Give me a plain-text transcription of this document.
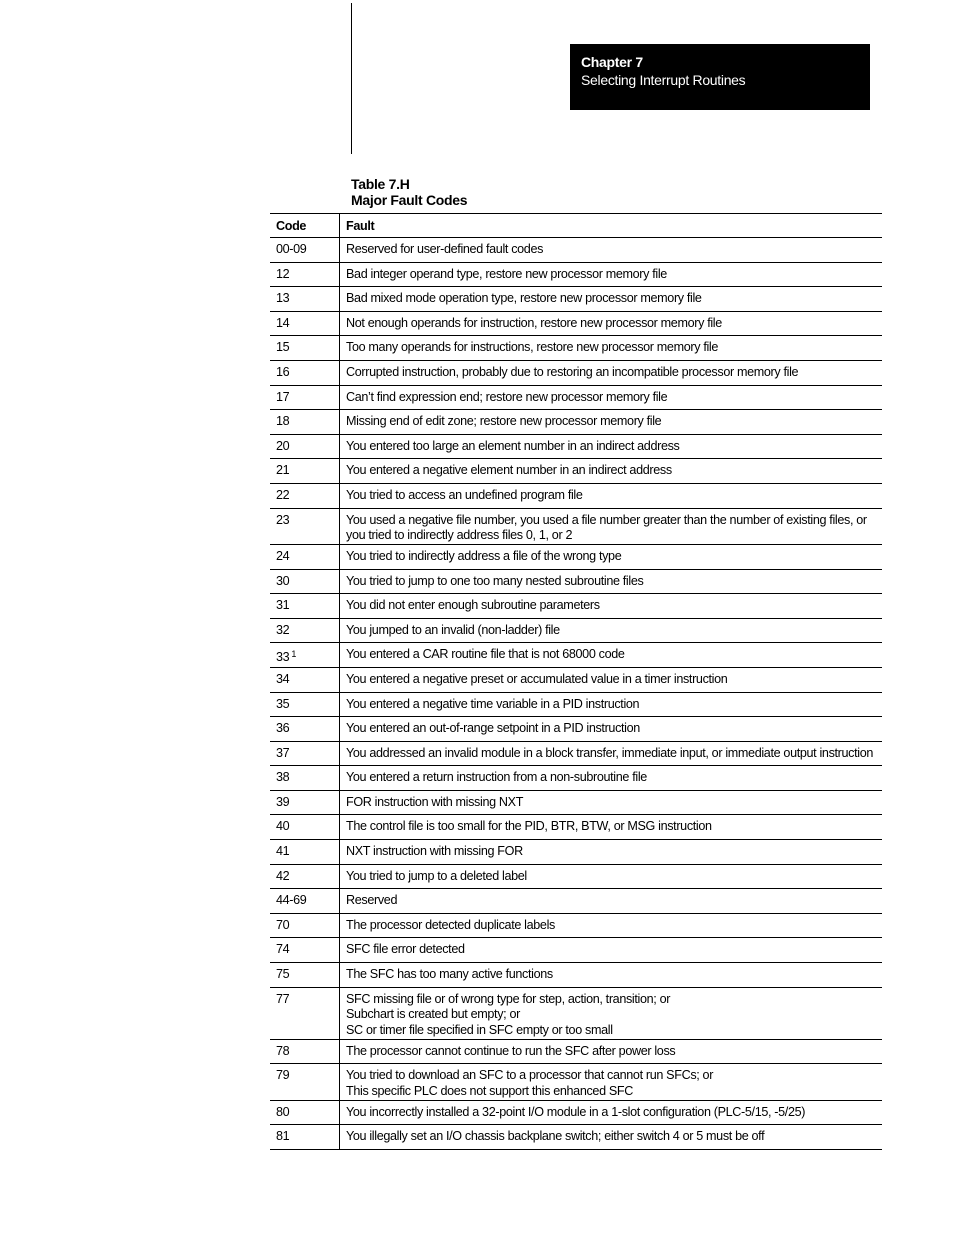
Chapter 7
Selecting Interrupt Routines
Table 7.H
Major Fault Codes
Code	Fault
00-09	Reserved for user-defined fault codes

12	Bad integer operand type, restore new processor memory file

13	Bad mixed mode operation type, restore new processor memory file

14	Not enough operands for instruction, restore new processor memory file

15	Too many operands for instructions, restore new processor memory file

16	Corrupted instruction, probably due to restoring an incompatible processor memory file

17	Can’t find expression end; restore new processor memory file

18	Missing end of edit zone; restore new processor memory file

20	You entered too large an element number in an indirect address

21	You entered a negative element number in an indirect address

22	You tried to access an undefined program file

23	You used a negative file number, you used a file number greater than the number of existing files, or
you tried to indirectly address files 0, 1, or 2

24	You tried to indirectly address a file of the wrong type

30	You tried to jump to one too many nested subroutine files

31	You did not enter enough subroutine parameters

32	You jumped to an invalid (non-ladder) file

33 $^1$	You entered a CAR routine file that is not 68000 code

34	You entered a negative preset or accumulated value in a timer instruction

35	You entered a negative time variable in a PID instruction

36	You entered an out-of-range setpoint in a PID instruction

37	You addressed an invalid module in a block transfer, immediate input, or immediate output instruction

38	You entered a return instruction from a non-subroutine file

39	FOR instruction with missing NXT

40	The control file is too small for the PID, BTR, BTW, or MSG instruction

41	NXT instruction with missing FOR

42	You tried to jump to a deleted label

44-69	Reserved

70	The processor detected duplicate labels

74	SFC file error detected

75	The SFC has too many active functions

77	SFC missing file or of wrong type for step, action, transition; or
Subchart is created but empty; or
SC or timer file specified in SFC empty or too small

78	The processor cannot continue to run the SFC after power loss

79	You tried to download an SFC to a processor that cannot run SFCs; or
This specific PLC does not support this enhanced SFC

80	You incorrectly installed a 32-point I/O module in a 1-slot configuration (PLC-5/15, -5/25)

81	You illegally set an I/O chassis backplane switch; either switch 4 or 5 must be off
